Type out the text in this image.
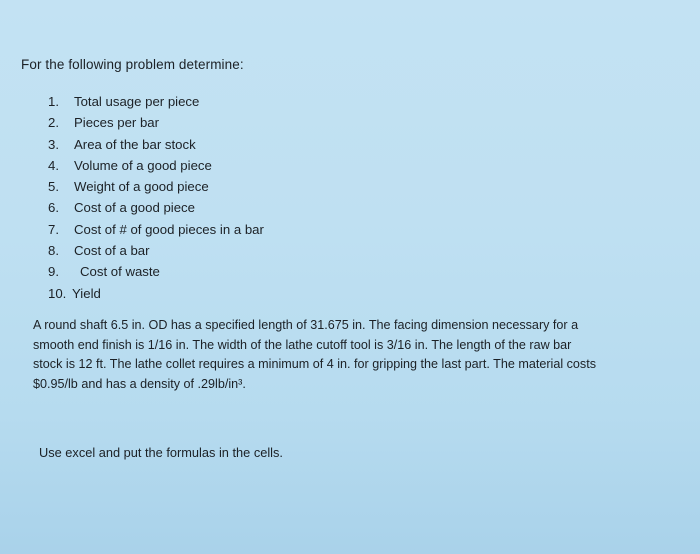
For the following problem determine:
1.	Total usage per piece
2.	Pieces per bar
3.	Area of the bar stock
4.	Volume of a good piece
5.	Weight of a good piece
6.	Cost of a good piece
7.	Cost of # of good pieces in a bar
8.	Cost of a bar
9.	Cost of waste
10. Yield

A round shaft 6.5 in. OD has a specified length of 31.675 in. The facing dimension necessary for a
smooth end finish is 1/16 in. The width of the lathe cutoff tool is 3/16 in. The length of the raw bar
stock is 12 ft. The lathe collet requires a minimum of 4 in. for gripping the last part. The material costs
$0.95/lb and has a density of .29lb/in³.

Use excel and put the formulas in the cells.
